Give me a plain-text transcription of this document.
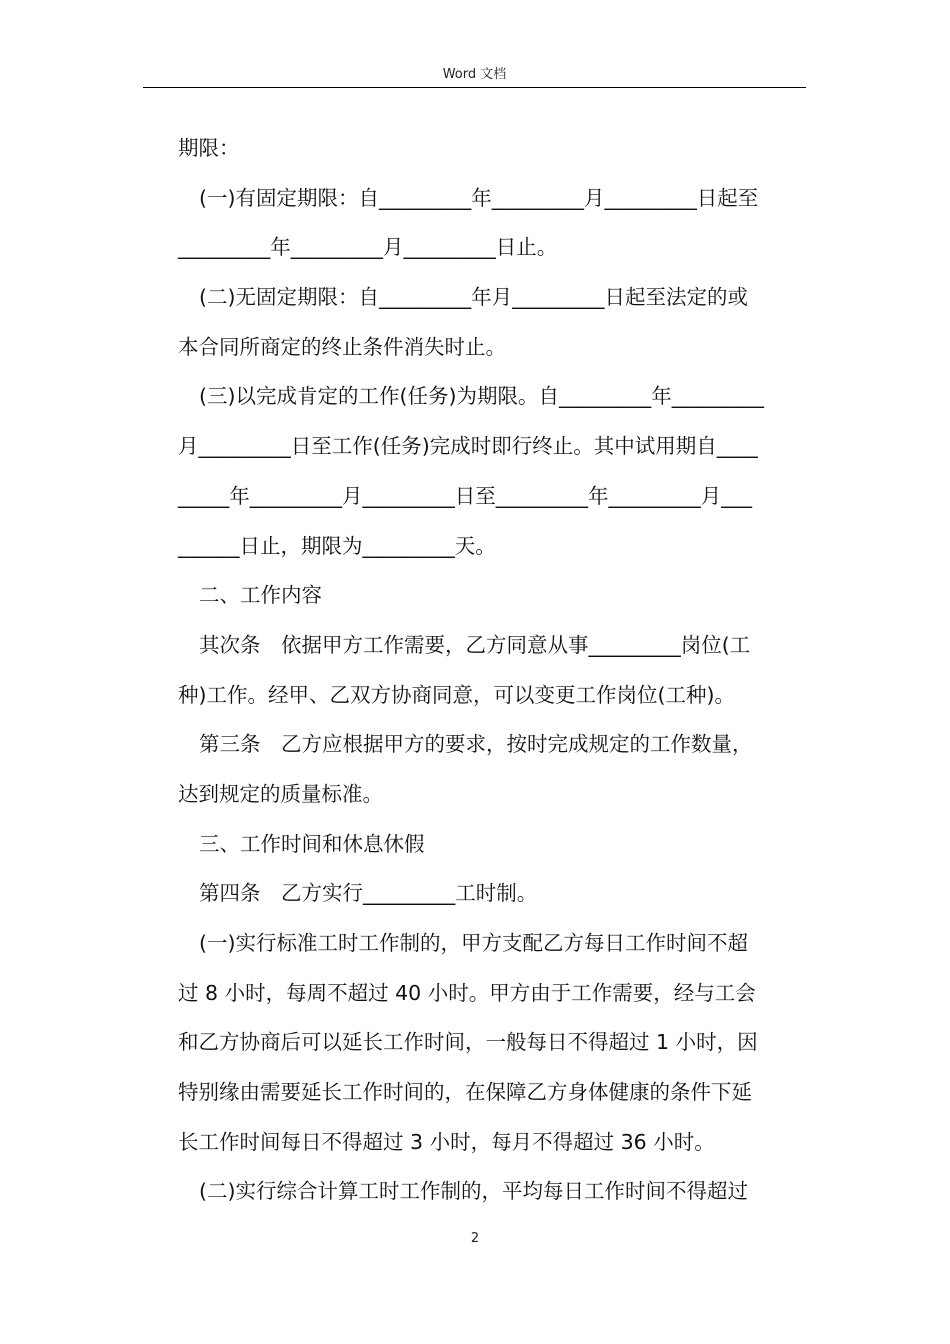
Word 文档
期限：
(一)有固定期限：自_________年_________月_________日起至
_________年_________月_________日止。
(二)无固定期限：自_________年月_________日起至法定的或
本合同所商定的终止条件消失时止。
(三)以完成肯定的工作(任务)为期限。自_________年_________
月_________日至工作(任务)完成时即行终止。其中试用期自____
_____年_________月_________日至_________年_________月___
______日止，期限为_________天。
二、工作内容
其次条　依据甲方工作需要，乙方同意从事_________岗位(工
种)工作。经甲、乙双方协商同意，可以变更工作岗位(工种)。
第三条　乙方应根据甲方的要求，按时完成规定的工作数量，
达到规定的质量标准。
三、工作时间和休息休假
第四条　乙方实行_________工时制。
(一)实行标准工时工作制的，甲方支配乙方每日工作时间不超
过 8 小时，每周不超过 40 小时。甲方由于工作需要，经与工会
和乙方协商后可以延长工作时间，一般每日不得超过 1 小时，因
特别缘由需要延长工作时间的，在保障乙方身体健康的条件下延
长工作时间每日不得超过 3 小时，每月不得超过 36 小时。
(二)实行综合计算工时工作制的，平均每日工作时间不得超过
2
